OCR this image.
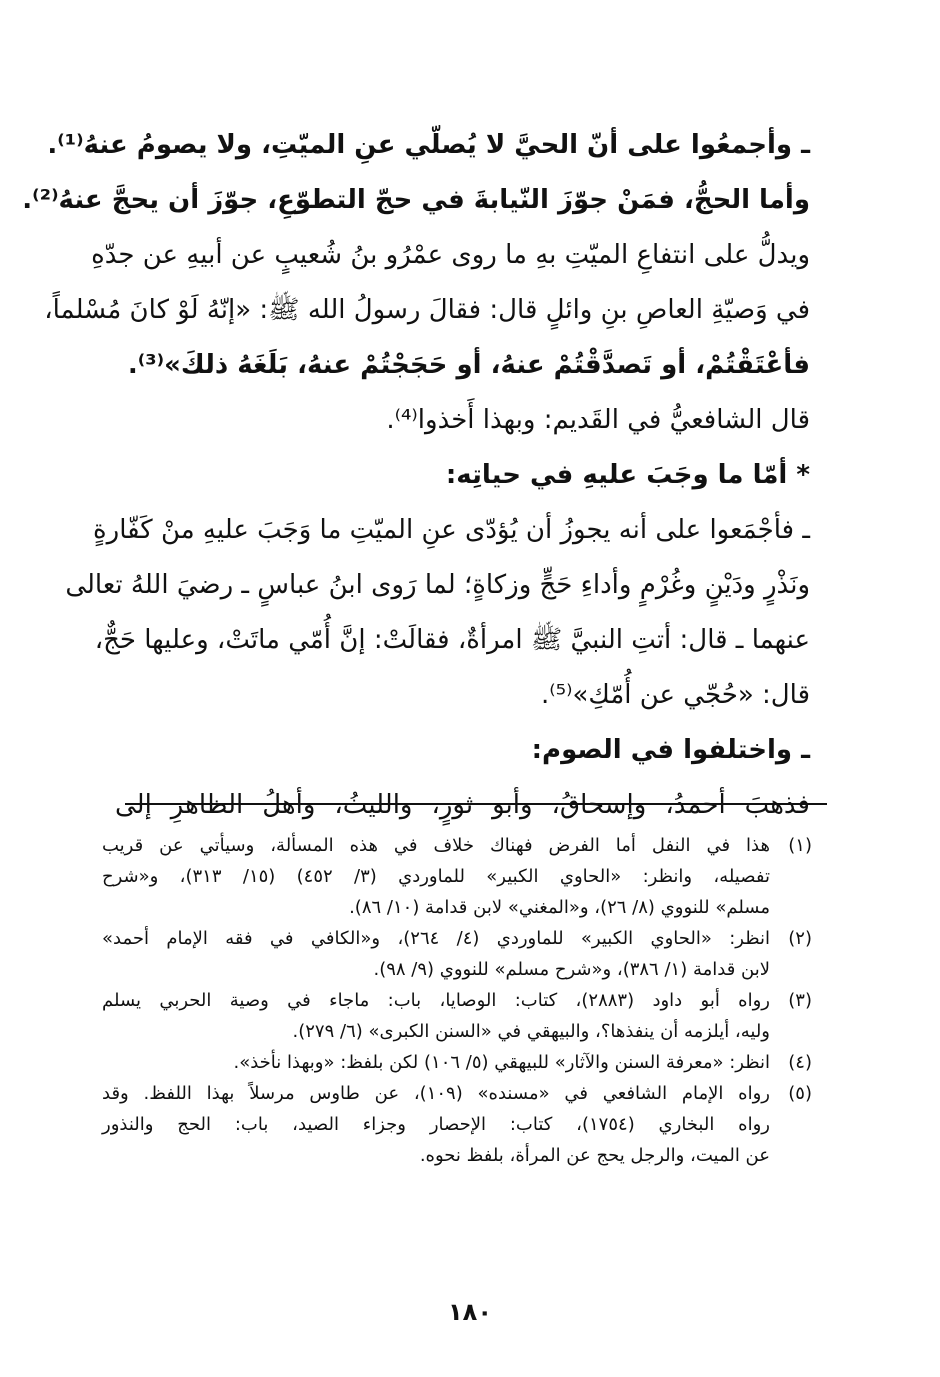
ـ وأجمعُوا على أنّ الحيَّ لا يُصلّي عنِ الميّتِ، ولا يصومُ عنهُ⁽¹⁾.
وأما الحجُّ، فمَنْ جوّزَ النّيابةَ في حجّ التطوّعِ، جوّزَ أن يحجَّ عنهُ⁽²⁾.
ويدلُّ على انتفاعِ الميّتِ بهِ ما روى عمْرُو بنُ شُعيبٍ عن أبيهِ عن جدّهِ
في وَصيّةِ العاصِ بنِ وائلٍ قال: فقالَ رسولُ الله ﷺ: «إنّهُ لَوْ كانَ مُسْلماً،
فأعْتَقْتُمْ، أو تَصدَّقْتُمْ عنهُ، أو حَجَجْتُمْ عنهُ، بَلَغَهُ ذلكَ»⁽³⁾.
قال الشافعيُّ في القَديم: وبهذا أَخذوا⁽⁴⁾.
* أمّا ما وجَبَ عليهِ في حياتِه:
ـ فأجْمَعوا على أنه يجوزُ أن يُؤدّى عنِ الميّتِ ما وَجَبَ عليهِ منْ كَفّارةٍ
ونَذْرٍ ودَيْنٍ وغُرْمٍ وأداءِ حَجٍّ وزكاةٍ؛ لما رَوى ابنُ عباسٍ ـ رضيَ اللهُ تعالى
عنهما ـ قال: أتتِ النبيَّ ﷺ امرأةٌ، فقالَتْ: إنَّ أُمّي ماتَتْ، وعليها حَجٌّ،
قال: «حُجّي عن أُمّكِ»⁽⁵⁾.
ـ واختلفوا في الصوم:
فذهبَ أحمدُ، وإسحاقُ، وأبو ثورٍ، والليثُ، وأهلُ الظاهرِ إلى
(١)
هذا في النفل أما الفرض فهناك خلاف في هذه المسألة، وسيأتي عن قريب
تفصيله، وانظر: «الحاوي الكبير» للماوردي (٣/ ٤٥٢) (١٥/ ٣١٣)، و«شرح
مسلم» للنووي (٨/ ٢٦)، و«المغني» لابن قدامة (١٠/ ٨٦).
(٢)
انظر: «الحاوي الكبير» للماوردي (٤/ ٢٦٤)، و«الكافي في فقه الإمام أحمد»
لابن قدامة (١/ ٣٨٦)، و«شرح مسلم» للنووي (٩/ ٩٨).
(٣)
رواه أبو داود (٢٨٨٣)، كتاب: الوصايا، باب: ماجاء في وصية الحربي يسلم
وليه، أيلزمه أن ينفذها؟، والبيهقي في «السنن الكبرى» (٦/ ٢٧٩).
(٤)
انظر: «معرفة السنن والآثار» للبيهقي (٥/ ١٠٦) لكن بلفظ: «وبهذا نأخذ».
(٥)
رواه الإمام الشافعي في «مسنده» (١٠٩)، عن طاوس مرسلاً بهذا اللفظ. وقد
رواه البخاري (١٧٥٤)، كتاب: الإحصار وجزاء الصيد، باب: الحج والنذور
عن الميت، والرجل يحج عن المرأة، بلفظ نحوه.
١٨٠
